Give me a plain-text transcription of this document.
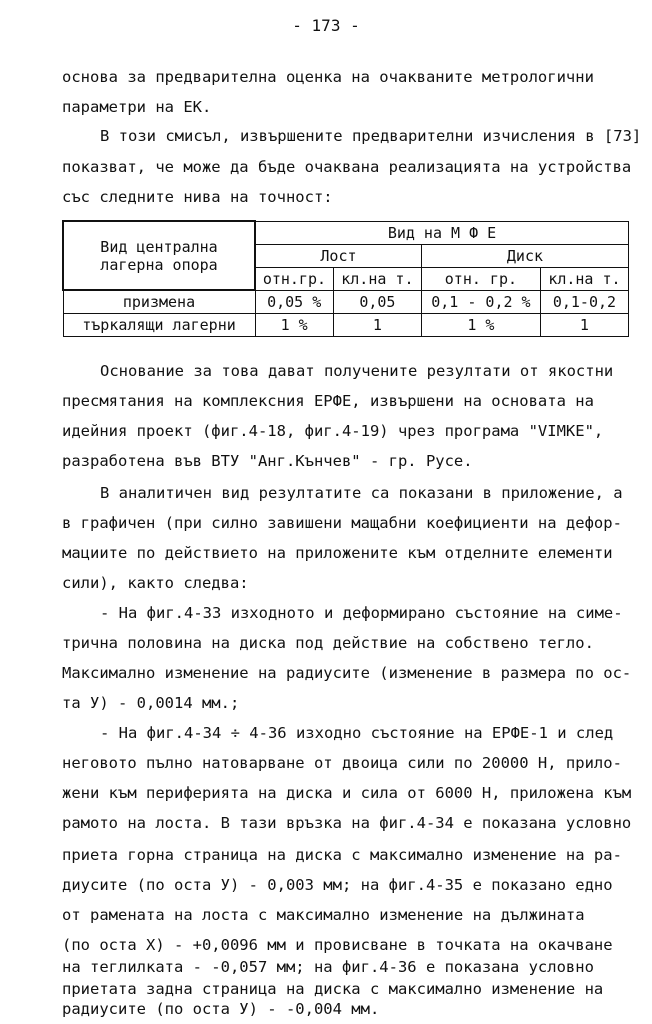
- 173 -
основа за предварителна оценка на очакваните метрологични
параметри на ЕК.
В този смисъл, извършените предварителни изчисления в [73]
показват, че може да бъде очаквана реализацията на устройства
със следните нива на точност:
Вид централна
лагерна опора	Вид на М Ф Е			
	Лост		Диск	
	отн.гр.	кл.на т.	отн. гр.	кл.на т.
призмена	0,05 %	0,05	0,1 - 0,2 %	0,1-0,2
търкалящи лагерни	1 %	1	1 %	1
Основание за това дават получените резултати от якостни
пресмятания на комплексния ЕРФЕ, извършени на основата на
идейния проект (фиг.4-18, фиг.4-19) чрез програма "VIMKE",
разработена във ВТУ "Анг.Кънчев" - гр. Русе.
В аналитичен вид резултатите са показани в приложение, а
в графичен (при силно завишени мащабни коефициенти на дефор-
мациите по действието на приложените към отделните елементи
сили), както следва:
- На фиг.4-33 изходното и деформирано състояние на симе-
трична половина на диска под действие на собствено тегло.
Максимално изменение на радиусите (изменение в размера по ос-
та У) - 0,0014 мм.;
- На фиг.4-34 ÷ 4-36 изходно състояние на ЕРФЕ-1 и след
неговото пълно натоварване от двоица сили по 20000 Н, прило-
жени към периферията на диска и сила от 6000 Н, приложена към
рамото на лоста. В тази връзка на фиг.4-34 е показана условно
приета горна страница на диска с максимално изменение на ра-
диусите (по оста У) - 0,003 мм; на фиг.4-35 е показано едно
от рамената на лоста с максимално изменение на дължината
(по оста Х) - +0,0096 мм и провисване в точката на окачване
на теглилката - -0,057 мм; на фиг.4-36 е показана условно
приетата задна страница на диска с максимално изменение на
радиусите (по оста У) - -0,004 мм.
